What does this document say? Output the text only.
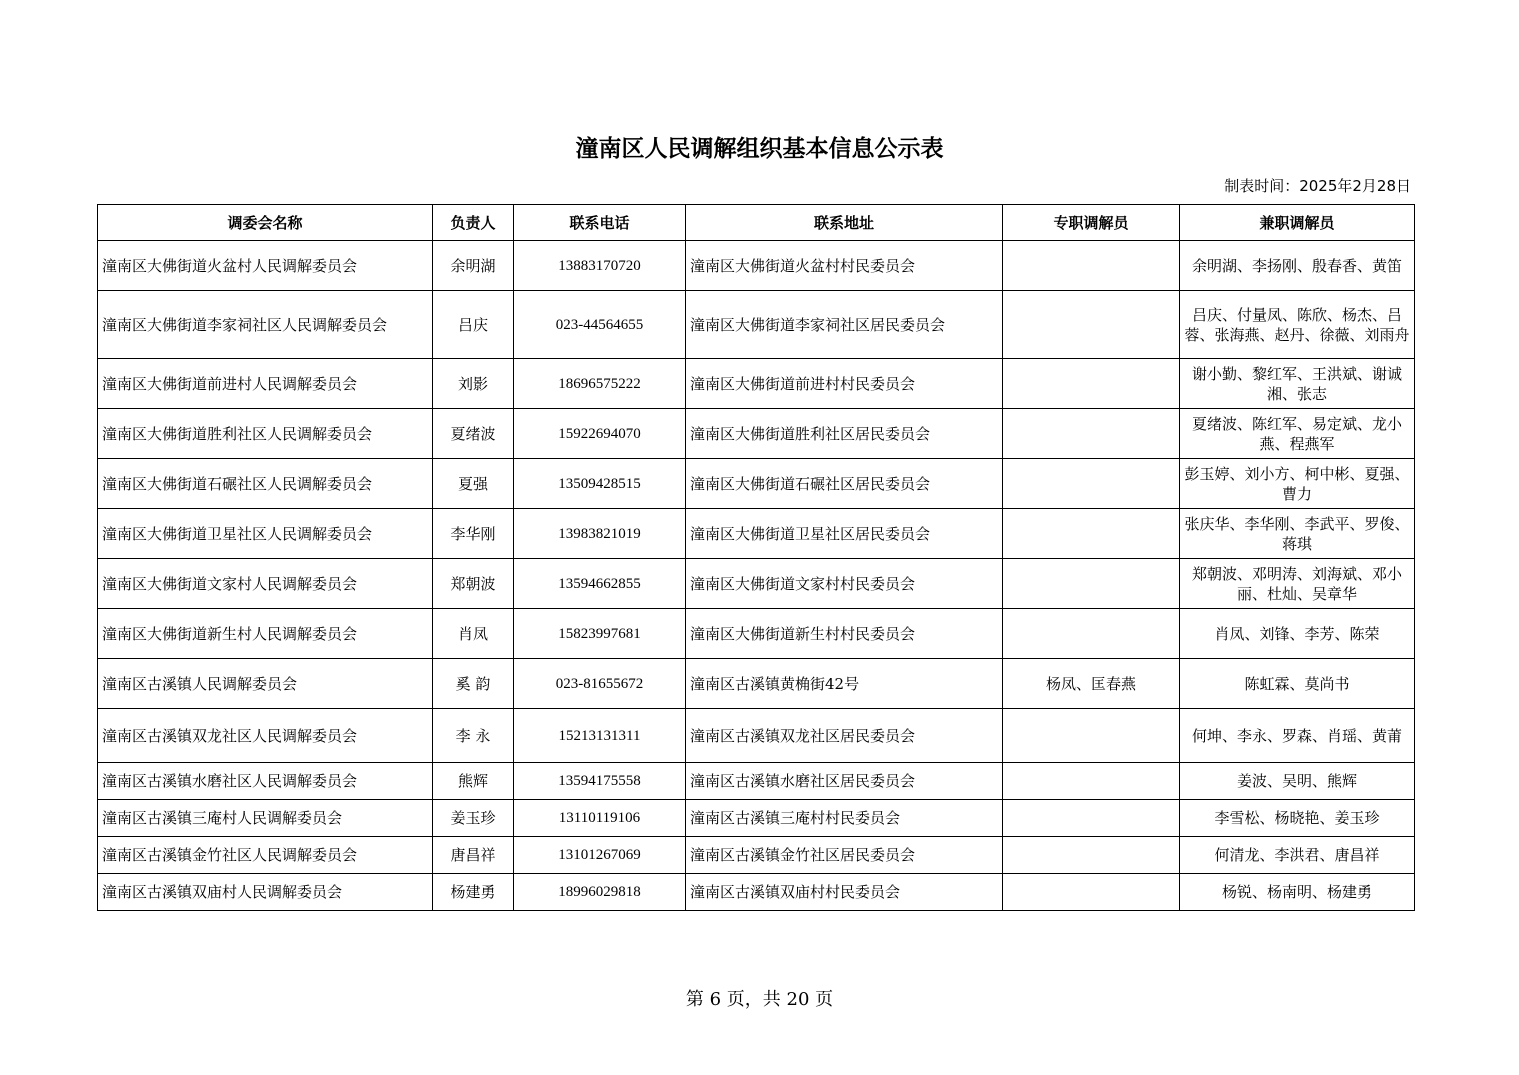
潼南区人民调解组织基本信息公示表
制表时间：2025年2月28日
调委会名称	负责人	联系电话	联系地址	专职调解员	兼职调解员
潼南区大佛街道火盆村人民调解委员会	余明湖	13883170720	潼南区大佛街道火盆村村民委员会		余明湖、李扬刚、殷春香、黄笛
潼南区大佛街道李家祠社区人民调解委员会	吕庆	023-44564655	潼南区大佛街道李家祠社区居民委员会		吕庆、付量凤、陈欣、杨杰、吕蓉、张海燕、赵丹、徐薇、刘雨舟
潼南区大佛街道前进村人民调解委员会	刘影	18696575222	潼南区大佛街道前进村村民委员会		谢小勤、黎红军、王洪斌、谢诚湘、张志
潼南区大佛街道胜利社区人民调解委员会	夏绪波	15922694070	潼南区大佛街道胜利社区居民委员会		夏绪波、陈红军、易定斌、龙小燕、程燕军
潼南区大佛街道石碾社区人民调解委员会	夏强	13509428515	潼南区大佛街道石碾社区居民委员会		彭玉婷、刘小方、柯中彬、夏强、曹力
潼南区大佛街道卫星社区人民调解委员会	李华刚	13983821019	潼南区大佛街道卫星社区居民委员会		张庆华、李华刚、李武平、罗俊、蒋琪
潼南区大佛街道文家村人民调解委员会	郑朝波	13594662855	潼南区大佛街道文家村村民委员会		郑朝波、邓明涛、刘海斌、邓小丽、杜灿、吴章华
潼南区大佛街道新生村人民调解委员会	肖凤	15823997681	潼南区大佛街道新生村村民委员会		肖凤、刘锋、李芳、陈荣
潼南区古溪镇人民调解委员会	奚 韵	023-81655672	潼南区古溪镇黄桷街42号	杨凤、匡春燕	陈虹霖、莫尚书
潼南区古溪镇双龙社区人民调解委员会	李 永	15213131311	潼南区古溪镇双龙社区居民委员会		何坤、李永、罗森、肖瑶、黄莆
潼南区古溪镇水磨社区人民调解委员会	熊辉	13594175558	潼南区古溪镇水磨社区居民委员会		姜波、吴明、熊辉
潼南区古溪镇三庵村人民调解委员会	姜玉珍	13110119106	潼南区古溪镇三庵村村民委员会		李雪松、杨晓艳、姜玉珍
潼南区古溪镇金竹社区人民调解委员会	唐昌祥	13101267069	潼南区古溪镇金竹社区居民委员会		何清龙、李洪君、唐昌祥
潼南区古溪镇双庙村人民调解委员会	杨建勇	18996029818	潼南区古溪镇双庙村村民委员会		杨锐、杨南明、杨建勇
第 6 页，共 20 页
